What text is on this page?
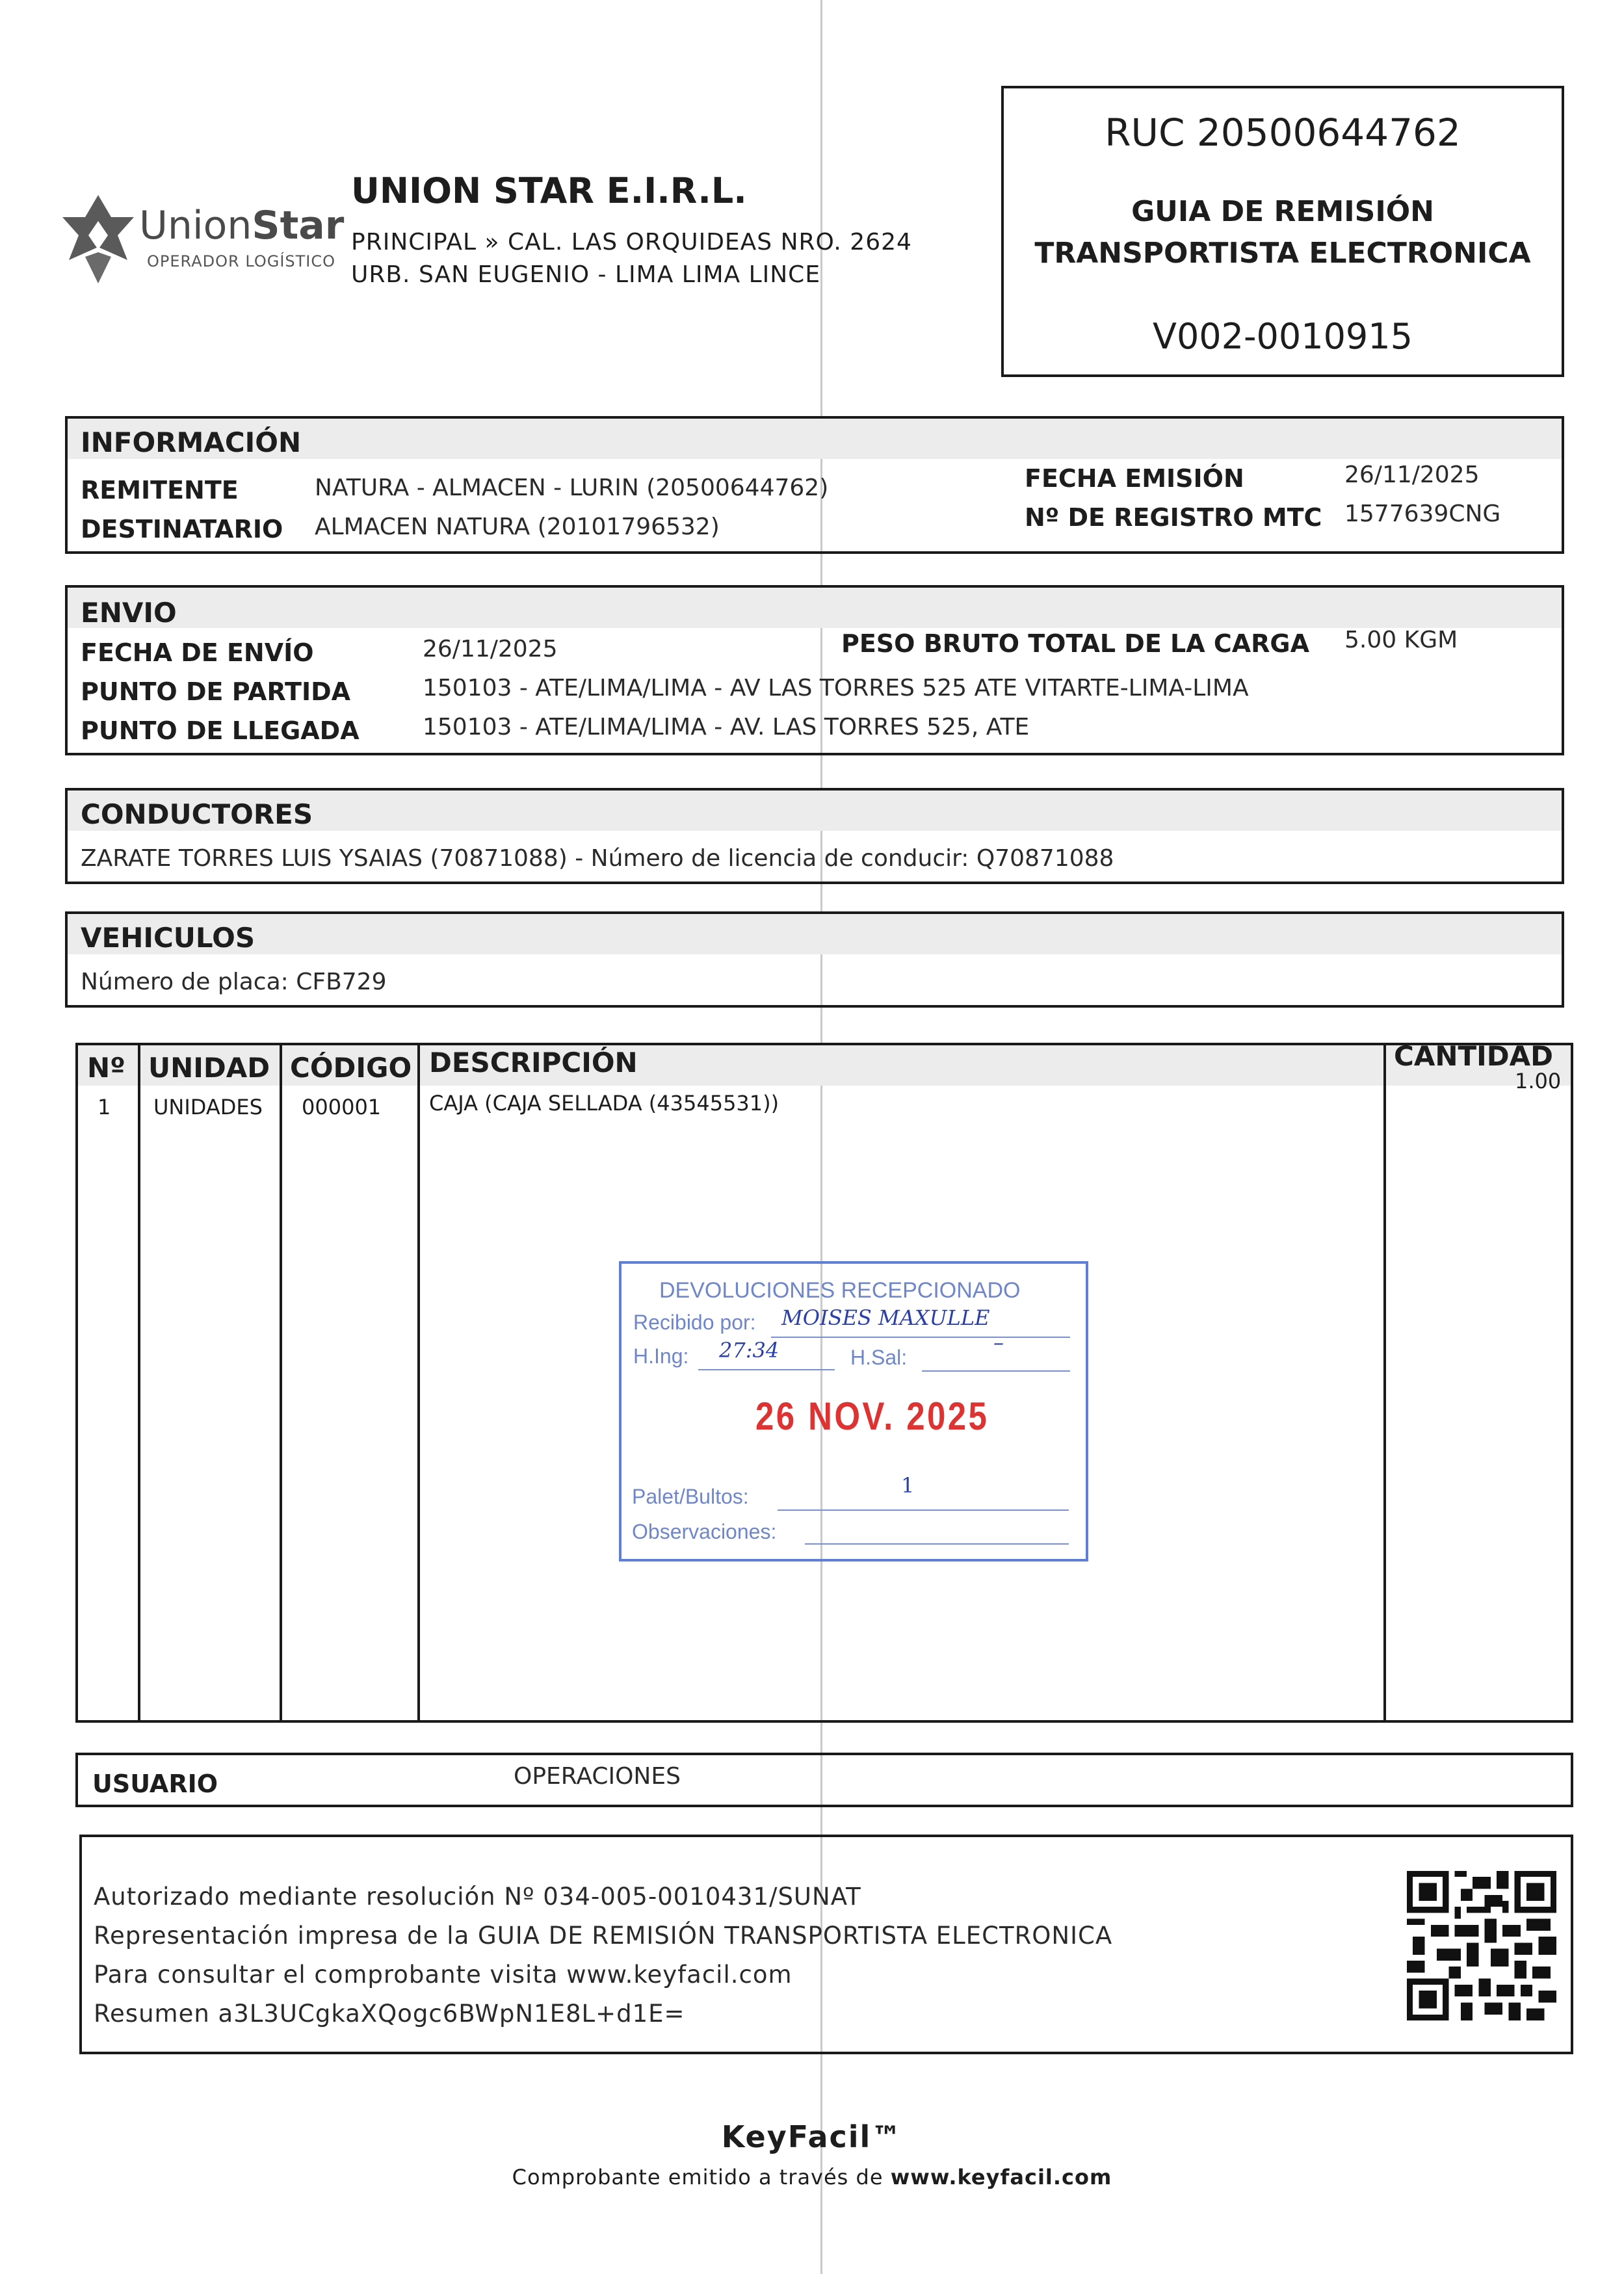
UnionStar
OPERADOR LOGÍSTICO
UNION STAR E.I.R.L.
PRINCIPAL » CAL. LAS ORQUIDEAS NRO. 2624
URB. SAN EUGENIO - LIMA LIMA LINCE
RUC 20500644762
GUIA DE REMISIÓN
TRANSPORTISTA ELECTRONICA
V002-0010915
INFORMACIÓN
REMITENTE	NATURA - ALMACEN - LURIN (20500644762)
DESTINATARIO ALMACEN NATURA (20101796532)
FECHA EMISIÓN	26/11/2025
Nº DE REGISTRO MTC 1577639CNG
ENVIO
FECHA DE ENVÍO	26/11/2025	PESO BRUTO TOTAL DE LA CARGA 5.00 KGM
PUNTO DE PARTIDA	150103 - ATE/LIMA/LIMA - AV LAS TORRES 525 ATE VITARTE-LIMA-LIMA
PUNTO DE LLEGADA	150103 - ATE/LIMA/LIMA - AV. LAS TORRES 525, ATE
CONDUCTORES
ZARATE TORRES LUIS YSAIAS (70871088) - Número de licencia de conducir: Q70871088
VEHICULOS
Número de placa: CFB729
Nº UNIDAD CÓDIGO DESCRIPCIÓN	CANTIDAD
1 UNIDADES 000001 CAJA (CAJA SELLADA (43545531))
1.00
DEVOLUCIONES RECEPCIONADO
Recibido por: MOISES MAXULLE
H.Ing: 27:34	H.Sal:
–
26 NOV. 2025
Palet/Bultos:	1
Observaciones:
USUARIO	OPERACIONES
Autorizado mediante resolución Nº 034-005-0010431/SUNAT
Representación impresa de la GUIA DE REMISIÓN TRANSPORTISTA ELECTRONICA
Para consultar el comprobante visita www.keyfacil.com
Resumen a3L3UCgkaXQogc6BWpN1E8L+d1E=
KeyFacil™
Comprobante emitido a través de www.keyfacil.com
